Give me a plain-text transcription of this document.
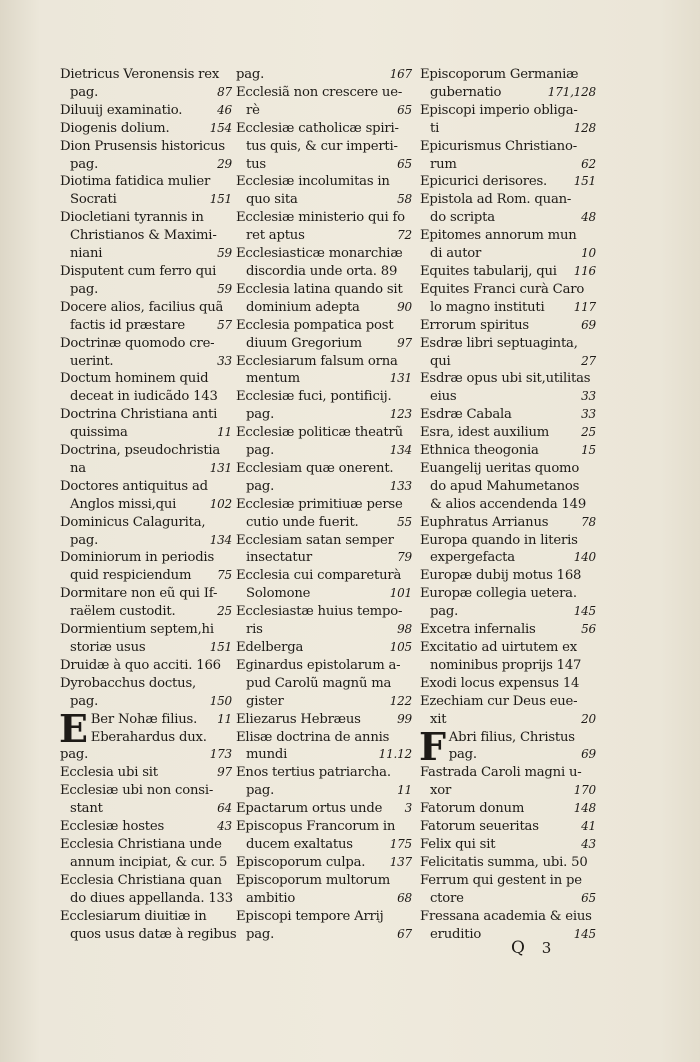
Dietricus Veronensis rex
pag.	87
Diluuij examinatio.	46
Diogenis dolium.	154
Dion Prusensis historicus
pag.	29
Diotima fatidica mulier
Socrati	151
Diocletiani tyrannis in
Christianos & Maximi-
niani	59
Disputent cum ferro qui
pag.	59
Docere alios, facilius quã
factis id præstare	57
Doctrinæ quomodo cre-
uerint.	33
Doctum hominem quid
deceat in iudicãdo 143
Doctrina Christiana anti
quissima	11
Doctrina, pseudochristia
na	131
Doctores antiquitus ad
Anglos missi,qui	102
Dominicus Calagurita,
pag.	134
Dominiorum in periodis
quid respiciendum 75
Dormitare non eũ qui If-
raëlem custodit.	25
Dormientium septem,hi
storiæ usus	151
Druidæ à quo acciti. 166
Dyrobacchus doctus,
pag.	150
E Ber Nohæ filius. 11
Eberahardus dux.
pag.	173
Ecclesia ubi sit	97
Ecclesiæ ubi non consi-
stant	64
Ecclesiæ hostes	43
Ecclesia Christiana unde
annum incipiat, & cur. 5
Ecclesia Christiana quan
do diues appellanda. 133
Ecclesiarum diuitiæ in
quos usus datæ à regibus
pag.	167
Ecclesiã non crescere ue-
rè	65
Ecclesiæ catholicæ spiri-
tus quis, & cur imperti-
tus	65
Ecclesiæ incolumitas in
quo sita	58
Ecclesiæ ministerio qui fo
ret aptus	72
Ecclesiasticæ monarchiæ
discordia unde orta. 89
Ecclesia latina quando sit
dominium adepta	90
Ecclesia pompatica post
diuum Gregorium	97
Ecclesiarum falsum orna
mentum	131
Ecclesiæ fuci, pontificij.
pag.	123
Ecclesiæ politicæ theatrũ
pag.	134
Ecclesiam quæ onerent.
pag.	133
Ecclesiæ primitiuæ perse
cutio unde fuerit.	55
Ecclesiam satan semper
insectatur	79
Ecclesia cui compareturà
Solomone	101
Ecclesiastæ huius tempo-
ris	98
Edelberga	105
Eginardus epistolarum a-
pud Carolũ magnũ ma
gister	122
Eliezarus Hebræus	99
Elisæ doctrina de annis
mundi	11.12
Enos tertius patriarcha.
pag.	11
Epactarum ortus unde 3
Episcopus Francorum in
ducem exaltatus	175
Episcoporum culpa. 137
Episcoporum multorum
ambitio	68
Episcopi tempore Arrij
pag.	67
Episcoporum Germaniæ
gubernatio	171,128
Episcopi imperio obliga-
ti	128
Epicurismus Christiano-
rum	62
Epicurici derisores. 151
Epistola ad Rom. quan-
do scripta	48
Epitomes annorum mun
di autor	10
Equites tabularij, qui 116
Equites Franci curà Caro
lo magno instituti 117
Errorum spiritus	69
Esdræ libri septuaginta,
qui	27
Esdræ opus ubi sit,utilitas
eius	33
Esdræ Cabala	33
Esra, idest auxilium	25
Ethnica theogonia	15
Euangelij ueritas quomo
do apud Mahumetanos
& alios accendenda 149
Euphratus Arrianus	78
Europa quando in literis
expergefacta	140
Europæ dubij motus 168
Europæ collegia uetera.
pag.	145
Excetra infernalis	56
Excitatio ad uirtutem ex
nominibus proprijs 147
Exodi locus expensus 14
Ezechiam cur Deus eue-
xit	20
F Abri filius, Christus
pag.	69
Fastrada Caroli magni u-
xor	170
Fatorum donum	148
Fatorum seueritas	41
Felix qui sit	43
Felicitatis summa, ubi. 50
Ferrum qui gestent in pe
ctore	65
Fressana academia & eius
eruditio	145
Q 3
